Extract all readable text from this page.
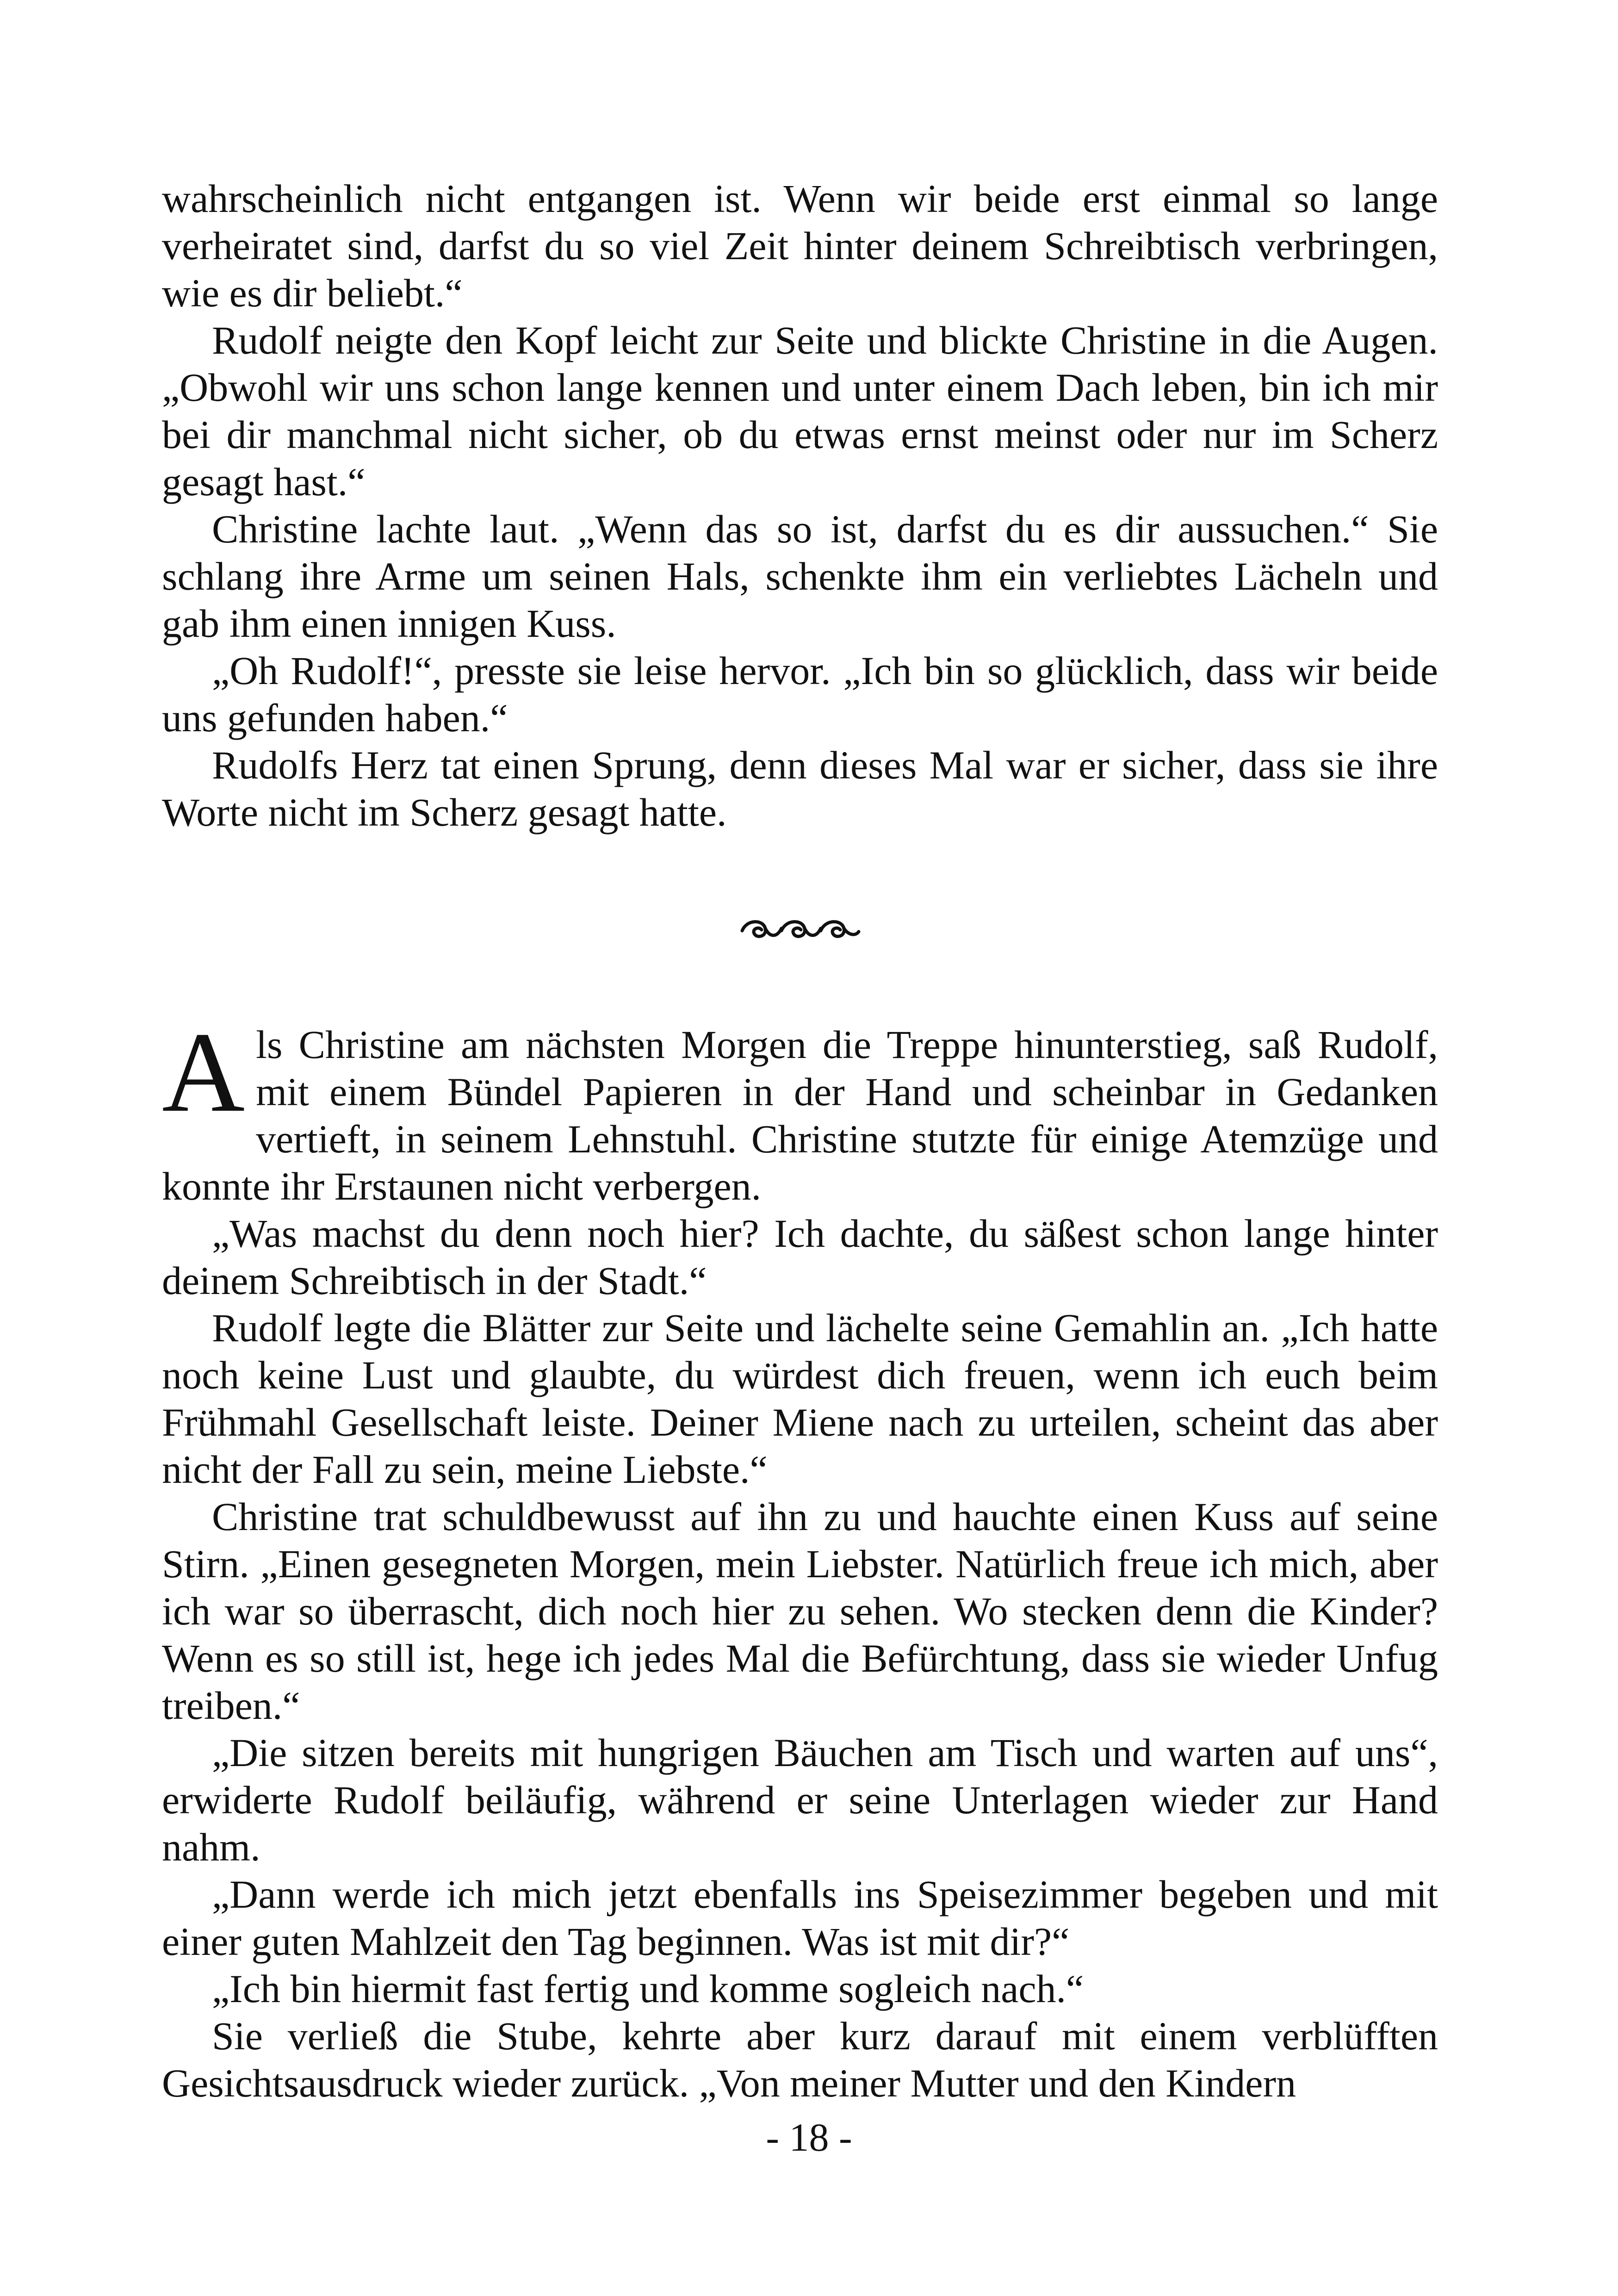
wahrscheinlich nicht entgangen ist. Wenn wir beide erst einmal so lange verheiratet sind, darfst du so viel Zeit hinter deinem Schreibtisch verbringen, wie es dir beliebt.“

Rudolf neigte den Kopf leicht zur Seite und blickte Christine in die Augen. „Obwohl wir uns schon lange kennen und unter einem Dach leben, bin ich mir bei dir manchmal nicht sicher, ob du etwas ernst meinst oder nur im Scherz gesagt hast.“

Christine lachte laut. „Wenn das so ist, darfst du es dir aussuchen.“ Sie schlang ihre Arme um seinen Hals, schenkte ihm ein verliebtes Lächeln und gab ihm einen innigen Kuss.

„Oh Rudolf!“, presste sie leise hervor. „Ich bin so glücklich, dass wir beide uns gefunden haben.“

Rudolfs Herz tat einen Sprung, denn dieses Mal war er sicher, dass sie ihre Worte nicht im Scherz gesagt hatte.

Als Christine am nächsten Morgen die Treppe hinunterstieg, saß Rudolf, mit einem Bündel Papieren in der Hand und scheinbar in Gedanken vertieft, in seinem Lehnstuhl. Christine stutzte für einige Atemzüge und konnte ihr Erstaunen nicht verbergen.

„Was machst du denn noch hier? Ich dachte, du säßest schon lange hinter deinem Schreibtisch in der Stadt.“

Rudolf legte die Blätter zur Seite und lächelte seine Gemahlin an. „Ich hatte noch keine Lust und glaubte, du würdest dich freuen, wenn ich euch beim Frühmahl Gesellschaft leiste. Deiner Miene nach zu urteilen, scheint das aber nicht der Fall zu sein, meine Liebste.“

Christine trat schuldbewusst auf ihn zu und hauchte einen Kuss auf seine Stirn. „Einen gesegneten Morgen, mein Liebster. Natürlich freue ich mich, aber ich war so überrascht, dich noch hier zu sehen. Wo stecken denn die Kinder? Wenn es so still ist, hege ich jedes Mal die Befürchtung, dass sie wieder Unfug treiben.“

„Die sitzen bereits mit hungrigen Bäuchen am Tisch und warten auf uns“, erwiderte Rudolf beiläufig, während er seine Unterlagen wieder zur Hand nahm.

„Dann werde ich mich jetzt ebenfalls ins Speisezimmer begeben und mit einer guten Mahlzeit den Tag beginnen. Was ist mit dir?“

„Ich bin hiermit fast fertig und komme sogleich nach.“

Sie verließ die Stube, kehrte aber kurz darauf mit einem verblüfften Gesichtsausdruck wieder zurück. „Von meiner Mutter und den Kindern

- 18 -
